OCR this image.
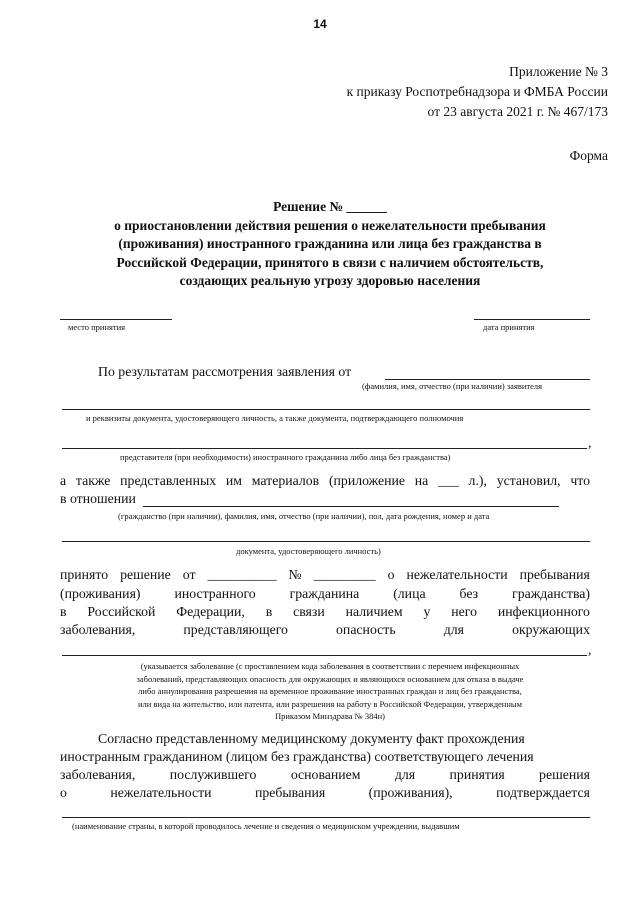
14
Приложение № 3
к приказу Роспотребнадзора и ФМБА России
от 23 августа 2021 г. № 467/173
Форма
Решение № ______
о приостановлении действия решения о нежелательности пребывания
(проживания) иностранного гражданина или лица без гражданства в
Российской Федерации, принятого в связи с наличием обстоятельств,
создающих реальную угрозу здоровью населения
место принятия	дата принятия
По результатам рассмотрения заявления от
(фамилия, имя, отчество (при наличии) заявителя
и реквизиты документа, удостоверяющего личность, а также документа, подтверждающего полномочия
,
представителя (при необходимости) иностранного гражданина либо лица без гражданства)
а также представленных им материалов (приложение на ___ л.), установил, что
в отношении
(гражданство (при наличии), фамилия, имя, отчество (при наличии), пол, дата рождения, номер и дата
документа, удостоверяющего личность)
принято решение от __________ № _________ о нежелательности пребывания
(проживания) иностранного гражданина (лица без гражданства)
в Российской Федерации, в связи наличием у него инфекционного
заболевания,	представляющего	опасность	для	окружающих
,
(указывается заболевание (с проставлением кода заболевания в соответствии с перечнем инфекционных
заболеваний, представляющих опасность для окружающих и являющихся основанием для отказа в выдаче
либо аннулирования разрешения на временное проживание иностранных граждан и лиц без гражданства,
или вида на жительство, или патента, или разрешения на работу в Российской Федерации, утвержденным
Приказом Минздрава № 384н)
Согласно представленному медицинскому документу факт прохождения
иностранным гражданином (лицом без гражданства) соответствующего лечения
заболевания, послужившего основанием для принятия решения
о	нежелательности	пребывания	(проживания),	подтверждается
(наименование страны, в которой проводилось лечение и сведения о медицинском учреждении, выдавшим
